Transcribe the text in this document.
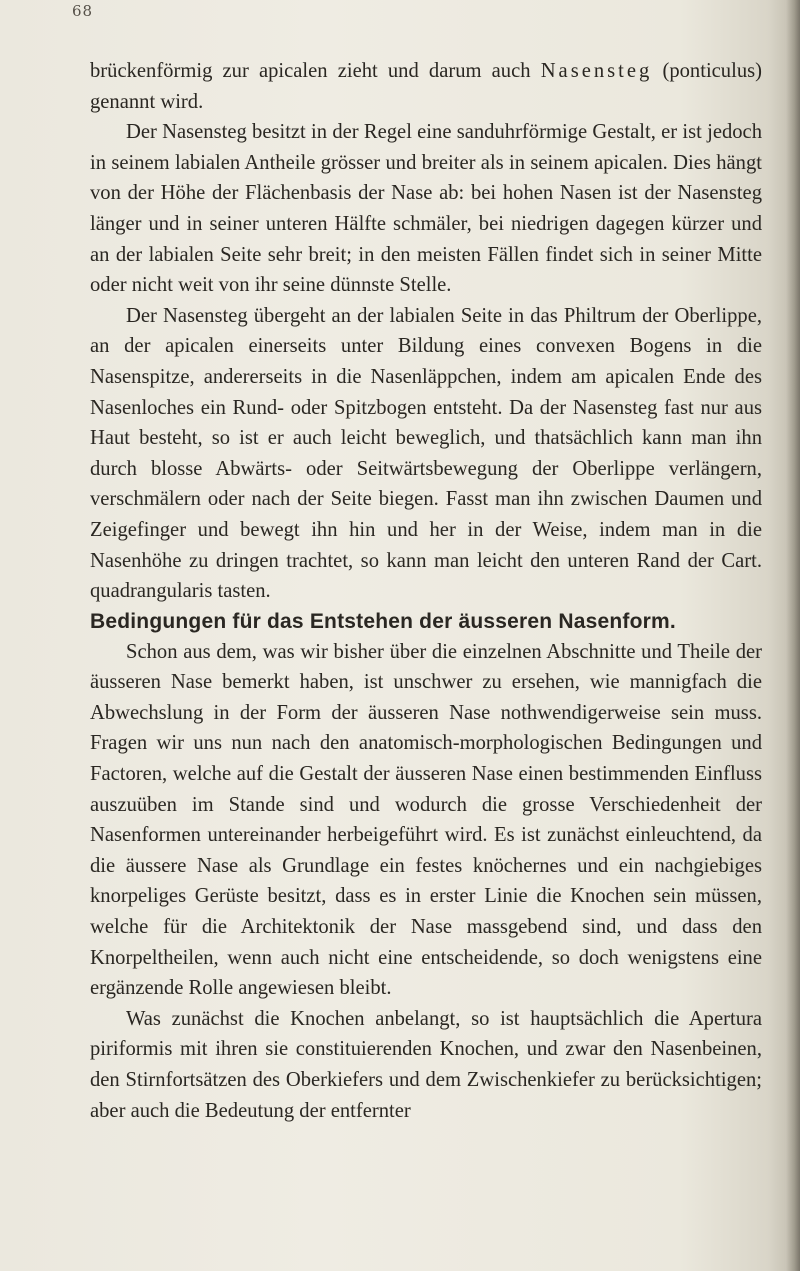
68

brückenförmig zur apicalen zieht und darum auch Nasensteg (ponticulus) genannt wird.

Der Nasensteg besitzt in der Regel eine sanduhrförmige Gestalt, er ist jedoch in seinem labialen Antheile grösser und breiter als in seinem apicalen. Dies hängt von der Höhe der Flächenbasis der Nase ab: bei hohen Nasen ist der Nasensteg länger und in seiner unteren Hälfte schmäler, bei niedrigen dagegen kürzer und an der labialen Seite sehr breit; in den meisten Fällen findet sich in seiner Mitte oder nicht weit von ihr seine dünnste Stelle.

Der Nasensteg übergeht an der labialen Seite in das Philtrum der Oberlippe, an der apicalen einerseits unter Bildung eines convexen Bogens in die Nasenspitze, andererseits in die Nasenläppchen, indem am apicalen Ende des Nasenloches ein Rund- oder Spitzbogen entsteht. Da der Nasensteg fast nur aus Haut besteht, so ist er auch leicht beweglich, und thatsächlich kann man ihn durch blosse Abwärts- oder Seitwärtsbewegung der Oberlippe verlängern, verschmälern oder nach der Seite biegen. Fasst man ihn zwischen Daumen und Zeigefinger und bewegt ihn hin und her in der Weise, indem man in die Nasenhöhe zu dringen trachtet, so kann man leicht den unteren Rand der Cart. quadrangularis tasten.

Bedingungen für das Entstehen der äusseren Nasenform.

Schon aus dem, was wir bisher über die einzelnen Abschnitte und Theile der äusseren Nase bemerkt haben, ist unschwer zu ersehen, wie mannigfach die Abwechslung in der Form der äusseren Nase nothwendigerweise sein muss. Fragen wir uns nun nach den anatomisch-morphologischen Bedingungen und Factoren, welche auf die Gestalt der äusseren Nase einen bestimmenden Einfluss auszuüben im Stande sind und wodurch die grosse Verschiedenheit der Nasenformen untereinander herbeigeführt wird. Es ist zunächst einleuchtend, da die äussere Nase als Grundlage ein festes knöchernes und ein nachgiebiges knorpeliges Gerüste besitzt, dass es in erster Linie die Knochen sein müssen, welche für die Architektonik der Nase massgebend sind, und dass den Knorpeltheilen, wenn auch nicht eine entscheidende, so doch wenigstens eine ergänzende Rolle angewiesen bleibt.

Was zunächst die Knochen anbelangt, so ist hauptsächlich die Apertura piriformis mit ihren sie constituierenden Knochen, und zwar den Nasenbeinen, den Stirnfortsätzen des Oberkiefers und dem Zwischenkiefer zu berücksichtigen; aber auch die Bedeutung der entfernter
